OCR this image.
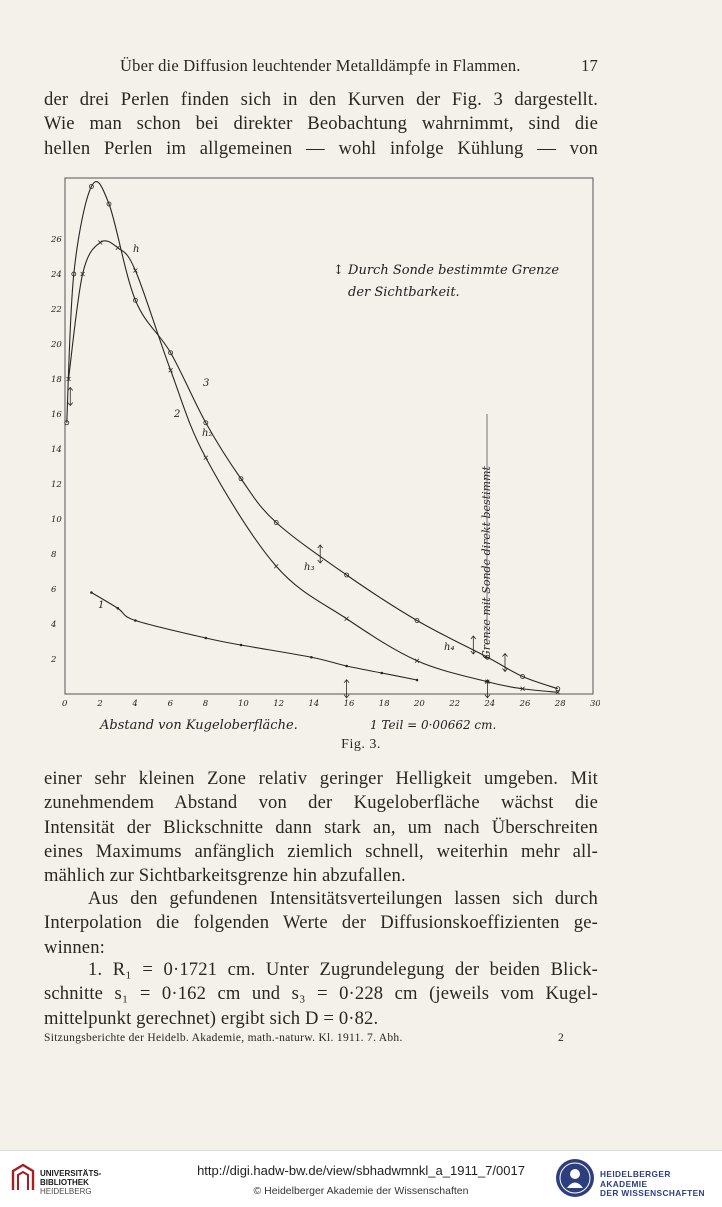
Über die Diffusion leuchtender Metalldämpfe in Flammen.	17
der drei Perlen finden sich in den Kurven der Fig. 3 dargestellt.
Wie man schon bei direkter Beobachtung wahrnimmt, sind die
hellen Perlen im allgemeinen — wohl infolge Kühlung — von
0	2	4	6	8	10	12	14	16	18	20	22	24	26	28	30
2
4
6
8
10
12
14
16
18
20
22
24
26
↕ Durch Sonde bestimmte Grenze
der Sichtbarkeit.
Grenze mit Sonde direkt bestimmt
h
h₂
h₃
h₄
1
2
3
Abstand von Kugeloberfläche.	1 Teil = 0·00662 cm.
Fig. 3.
einer sehr kleinen Zone relativ geringer Helligkeit umgeben. Mit
zunehmendem Abstand von der Kugeloberfläche wächst die
Intensität der Blickschnitte dann stark an, um nach Überschreiten
eines Maximums anfänglich ziemlich schnell, weiterhin mehr all-
mählich zur Sichtbarkeitsgrenze hin abzufallen.
Aus den gefundenen Intensitätsverteilungen lassen sich durch
Interpolation die folgenden Werte der Diffusionskoeffizienten ge-
winnen:
1. R₁ = 0·1721 cm. Unter Zugrundelegung der beiden Blick-
schnitte s₁ = 0·162 cm und s₃ = 0·228 cm (jeweils vom Kugel-
mittelpunkt gerechnet) ergibt sich D = 0·82.
Sitzungsberichte der Heidelb. Akademie, math.-naturw. Kl. 1911. 7. Abh.	2
UNIVERSITÄTS-
BIBLIOTHEK
HEIDELBERG
http://digi.hadw-bw.de/view/sbhadwmnkl_a_1911_7/0017
© Heidelberger Akademie der Wissenschaften
HEIDELBERGER AKADEMIE
DER WISSENSCHAFTEN
